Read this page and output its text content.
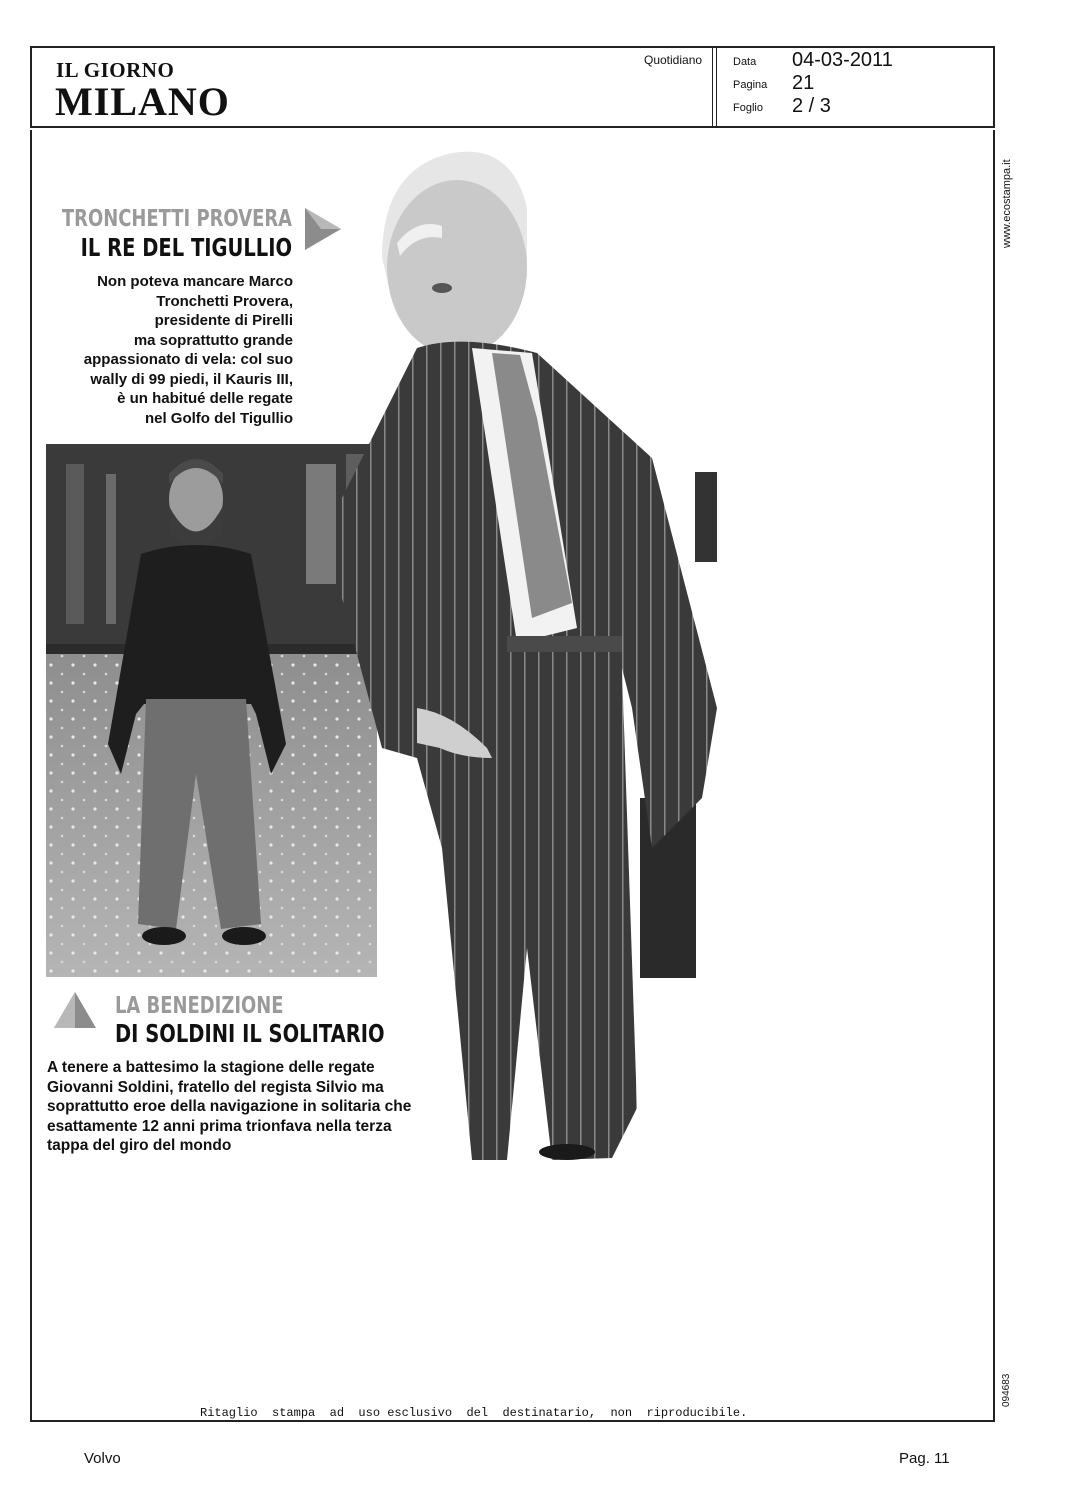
IL GIORNO
MILANO
Quotidiano	Data 04-03-2011
Pagina 21
Foglio 2 / 3
www.ecostampa.it
094683
TRONCHETTI PROVERA
IL RE DEL TIGULLIO
Non poteva mancare Marco
Tronchetti Provera,
presidente di Pirelli
ma soprattutto grande
appassionato di vela: col suo
wally di 99 piedi, il Kauris III,
è un habitué delle regate
nel Golfo del Tigullio
LA BENEDIZIONE
DI SOLDINI IL SOLITARIO
A tenere a battesimo la stagione delle regate
Giovanni Soldini, fratello del regista Silvio ma
soprattutto eroe della navigazione in solitaria che
esattamente 12 anni prima trionfava nella terza
tappa del giro del mondo
Ritaglio  stampa  ad  uso esclusivo  del  destinatario,  non  riproducibile.
Volvo	Pag. 11
